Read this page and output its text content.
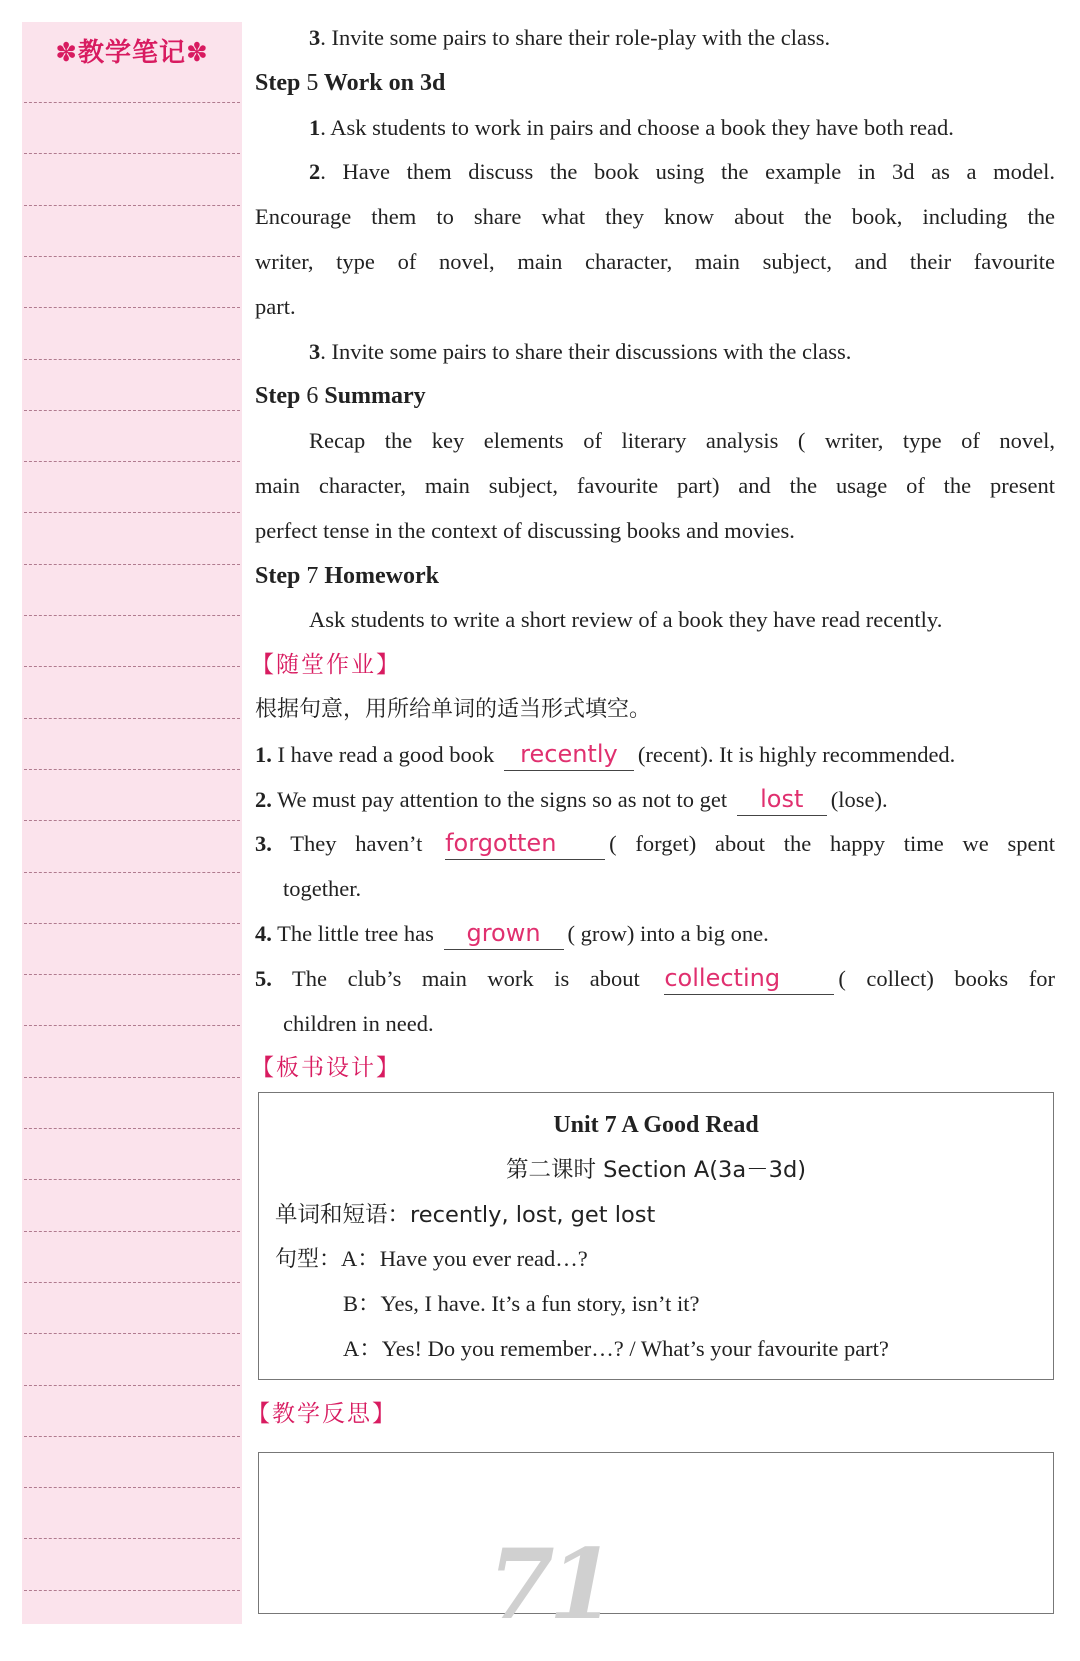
✽教学笔记✽
3. Invite some pairs to share their role-play with the class.
Step 5 Work on 3d
1. Ask students to work in pairs and choose a book they have both read.
2. Have them discuss the book using the example in 3d as a model.
Encourage them to share what they know about the book, including the
writer, type of novel, main character, main subject, and their favourite
part.
3. Invite some pairs to share their discussions with the class.
Step 6 Summary
Recap the key elements of literary analysis ( writer, type of novel,
main character, main subject, favourite part) and the usage of the present
perfect tense in the context of discussing books and movies.
Step 7 Homework
Ask students to write a short review of a book they have read recently.
【随堂作业】
根据句意，用所给单词的适当形式填空。
1. I have read a good book recently (recent). It is highly recommended.
2. We must pay attention to the signs so as not to get lost (lose).
3. They haven’t forgotten ( forget) about the happy time we spent
together.
4. The little tree has grown ( grow) into a big one.
5. The club’s main work is about collecting	( collect) books for
children in need.
【板书设计】
Unit 7 A Good Read
第二课时 Section A(3a－3d)
单词和短语：recently, lost, get lost
句型：A：Have you ever read…?
B：Yes, I have. It’s a fun story, isn’t it?
A：Yes! Do you remember…? / What’s your favourite part?
【教学反思】
71
